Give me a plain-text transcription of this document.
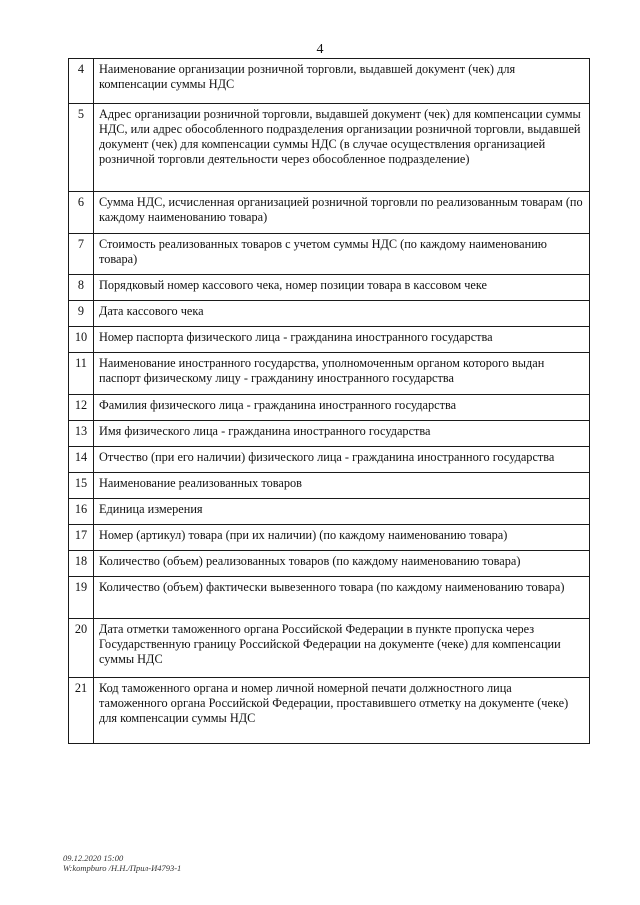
4
4	Наименование организации розничной торговли, выдавшей документ (чек) для компенсации суммы НДС
5	Адрес организации розничной торговли, выдавшей документ (чек) для компенсации суммы НДС, или адрес обособленного подразделения организации розничной торговли, выдавшей документ (чек) для компенсации суммы НДС (в случае осуществления организацией розничной торговли деятельности через обособленное подразделение)
6	Сумма НДС, исчисленная организацией розничной торговли по реализованным товарам (по каждому наименованию товара)
7	Стоимость реализованных товаров с учетом суммы НДС (по каждому наименованию товара)
8	Порядковый номер кассового чека, номер позиции товара в кассовом чеке
9	Дата кассового чека
10	Номер паспорта физического лица - гражданина иностранного государства
11	Наименование иностранного государства, уполномоченным органом которого выдан паспорт физическому лицу - гражданину иностранного государства
12	Фамилия физического лица - гражданина иностранного государства
13	Имя физического лица - гражданина иностранного государства
14	Отчество (при его наличии) физического лица - гражданина иностранного государства
15	Наименование реализованных товаров
16	Единица измерения
17	Номер (артикул) товара (при их наличии) (по каждому наименованию товара)
18	Количество (объем) реализованных товаров (по каждому наименованию товара)
19	Количество (объем) фактически вывезенного товара (по каждому наименованию товара)
20	Дата отметки таможенного органа Российской Федерации в пункте пропуска через Государственную границу Российской Федерации на документе (чеке) для компенсации суммы НДС
21	Код таможенного органа и номер личной номерной печати должностного лица таможенного органа Российской Федерации, проставившего отметку на документе (чеке) для компенсации суммы НДС
09.12.2020 15:00
W:kompburo /H.H./Прил-И4793-1
